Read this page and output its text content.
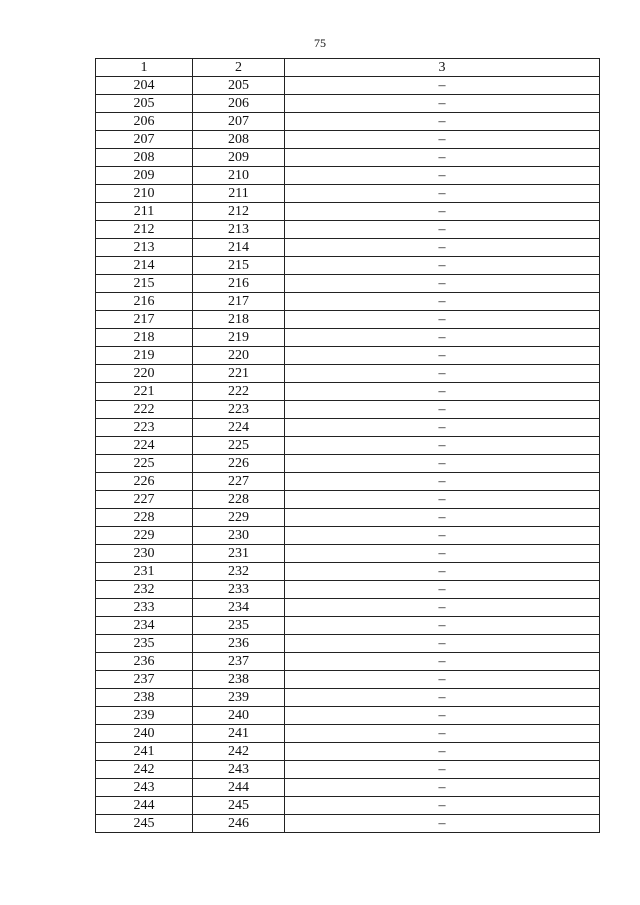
75
1	2	3
204	205	–
205	206	–
206	207	–
207	208	–
208	209	–
209	210	–
210	211	–
211	212	–
212	213	–
213	214	–
214	215	–
215	216	–
216	217	–
217	218	–
218	219	–
219	220	–
220	221	–
221	222	–
222	223	–
223	224	–
224	225	–
225	226	–
226	227	–
227	228	–
228	229	–
229	230	–
230	231	–
231	232	–
232	233	–
233	234	–
234	235	–
235	236	–
236	237	–
237	238	–
238	239	–
239	240	–
240	241	–
241	242	–
242	243	–
243	244	–
244	245	–
245	246	–
